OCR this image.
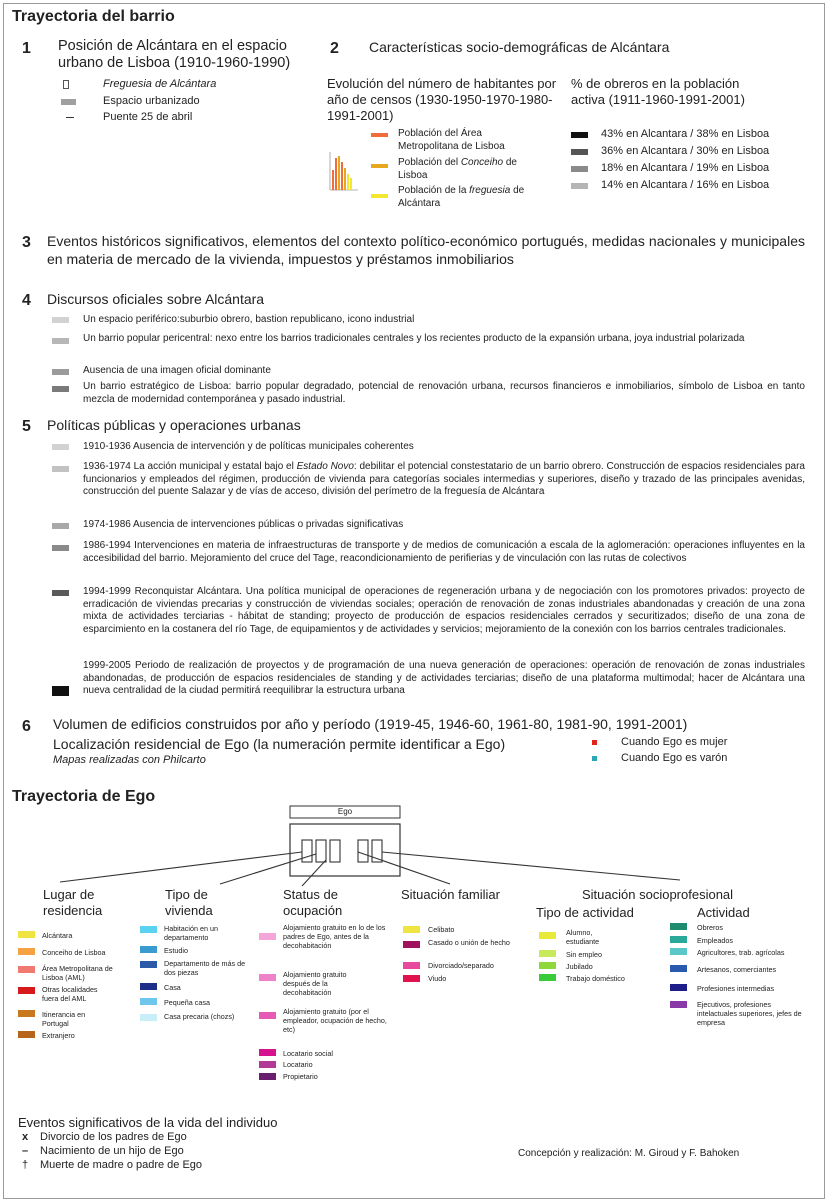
Trayectoria del barrio
1 Posición de Alcántara en el espacio urbano de Lisboa (1910-1960-1990)
Freguesia de Alcántara
Espacio urbanizado
Puente 25 de abril
2 Características socio-demográficas de Alcántara
Evolución del número de habitantes por año de censos (1930-1950-1970-1980-1991-2001)
Población del Área Metropolitana de Lisboa
Población del Conceiho de Lisboa
Población de la freguesia de Alcántara
% de obreros en la población activa (1911-1960-1991-2001)
43% en Alcantara / 38% en Lisboa
36% en Alcantara / 30% en Lisboa
18% en Alcantara / 19% en Lisboa
14% en Alcantara / 16% en Lisboa
3 Eventos históricos significativos, elementos del contexto político-económico portugués, medidas nacionales y municipales en materia de mercado de la vivienda, impuestos y préstamos inmobiliarios
4 Discursos oficiales sobre Alcántara
Un espacio periférico:suburbio obrero, bastion republicano, icono industrial
Un barrio popular pericentral: nexo entre los barrios tradicionales centrales y los recientes producto de la expansión urbana, joya industrial polarizada
Ausencia de una imagen oficial dominante
Un barrio estratégico de Lisboa: barrio popular degradado, potencial de renovación urbana, recursos financieros e inmobiliarios, símbolo de Lisboa en tanto mezcla de modernidad contemporánea y pasado industrial.
5 Políticas públicas y operaciones urbanas
1910-1936 Ausencia de intervención y de políticas municipales coherentes
1936-1974 La acción municipal y estatal bajo el Estado Novo: debilitar el potencial constestatario de un barrio obrero. Construcción de espacios residenciales para funcionarios y empleados del régimen, producción de vivienda para categorías sociales intermedias y superiores, diseño y trazado de las principales avenidas, construcción del puente Salazar y de vías de acceso, división del perímetro de la freguesía de Alcántara
1974-1986 Ausencia de intervenciones públicas o privadas significativas
1986-1994 Intervenciones en materia de infraestructuras de transporte y de medios de comunicación a escala de la aglomeración: operaciones influyentes en la accesibilidad del barrio. Mejoramiento del cruce del Tage, reacondicionamiento de perifierias y de vinculación con las rutas de colectivos
1994-1999 Reconquistar Alcántara. Una política municipal de operaciones de regeneración urbana y de negociación con los promotores privados: proyecto de erradicación de viviendas precarias y construcción de viviendas sociales; operación de renovación de zonas industriales abandonadas y creación de una zona mixta de actividades terciarias - hábitat de standing; proyecto de producción de espacios residenciales cerrados y securitizados; diseño de una zona de esparcimiento en la costanera del río Tage, de equipamientos y de actividades y servicios; mejoramiento de la conexión con los barrios centrales tradicionales.
1999-2005 Periodo de realización de proyectos y de programación de una nueva generación de operaciones: operación de renovación de zonas industriales abandonadas, de producción de espacios residenciales de standing y de actividades terciarias; diseño de una plataforma multimodal; hacer de Alcántara una nueva centralidad de la ciudad permitirá reequilibrar la estructura urbana
6 Volumen de edificios construidos por año y período (1919-45, 1946-60, 1961-80, 1981-90, 1991-2001)
Localización residencial de Ego (la numeración permite identificar a Ego)
Mapas realizadas con Philcarto
Cuando Ego es mujer
Cuando Ego es varón
Trayectoria de Ego
Ego
Lugar de residencia
Alcántara
Conceiho de Lisboa
Área Metropolitana de Lisboa (AML)
Otras localidades fuera del AML
Itinerancia en Portugal
Extranjero
Tipo de vivienda
Habitación en un departamento
Estudio
Departamento de más de dos piezas
Casa
Pequeña casa
Casa precaria (chozs)
Status de ocupación
Alojamiento gratuito en lo de los padres de Ego, antes de la decohabitación
Alojamiento gratuito después de la decohabitación
Alojamiento gratuito (por el empleador, ocupación de hecho, etc)
Locatario social
Locatario
Propietario
Situación familiar
Celibato
Casado o unión de hecho
Divorciado/separado
Viudo
Situación socioprofesional
Tipo de actividad	Actividad
Alumno, estudiante
Sin empleo
Jubilado
Trabajo doméstico
Obreros
Empleados
Agricultores, trab. agrícolas
Artesanos, comerciantes
Profesiones intermedias
Ejecutivos, profesiones intelactuales superiores, jefes de empresa
Eventos significativos de la vida del individuo
x Divorcio de los padres de Ego
– Nacimiento de un hijo de Ego
† Muerte de madre o padre de Ego
Concepción y realización: M. Giroud y F. Bahoken
